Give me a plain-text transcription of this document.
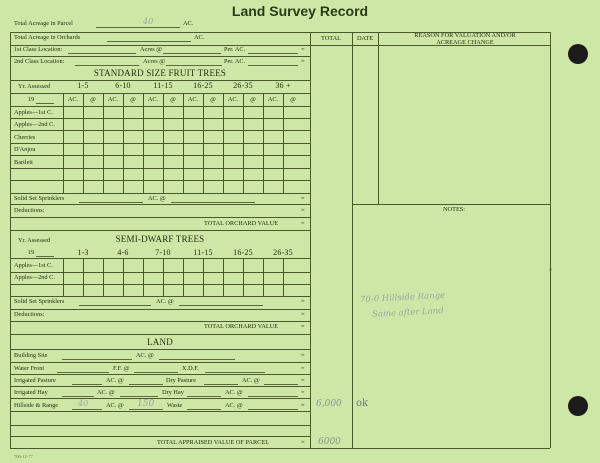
Land Survey Record
TOTAL	DATE	REASON FOR VALUATION AND/OR ACREAGE CHANGE
NOTES:
Total Acreage in Parcel	40	AC.
Total Acreage in Orchards	AC.
1st Class Location:	Acres @	Per. AC.	=
2nd Class Location:	Acres @	Per. AC.	=
STANDARD SIZE FRUIT TREES
Yr. Assessed	1-5	6-10	11-15	16-25	26-35	36 +
19	AC.	@	AC.	@	AC.	@	AC.	@	AC.	@	AC.	@
Apples—1st C.
Apples—2nd C.
Cherries
D'Anjou
Bartlett
Solid Set Sprinklers	AC. @	=
Deductions:	=
TOTAL ORCHARD VALUE	=
SEMI-DWARF TREES
Yr. Assessed
19	1-3	4-6	7-10	11-15	16-25	26-35
Apples—1st C.
Apples—2nd C.
Solid Set Sprinklers	AC. @	=
Deductions:	=
TOTAL ORCHARD VALUE	=
LAND
Building Site	AC. @	=
Water Front	F.F. @	X.D.F.	=
Irrigated Pasture	AC. @	Dry Pasture	AC. @	=
Irrigated Hay	AC. @	Dry Hay	AC. @	=
Hillside & Range 40	AC. @ 150 Waste	AC. @	= 6,000 ok
TOTAL APPRAISED VALUE OF PARCEL	= 6000
70-0 Hillside Range
Same after Land
700-12-77
